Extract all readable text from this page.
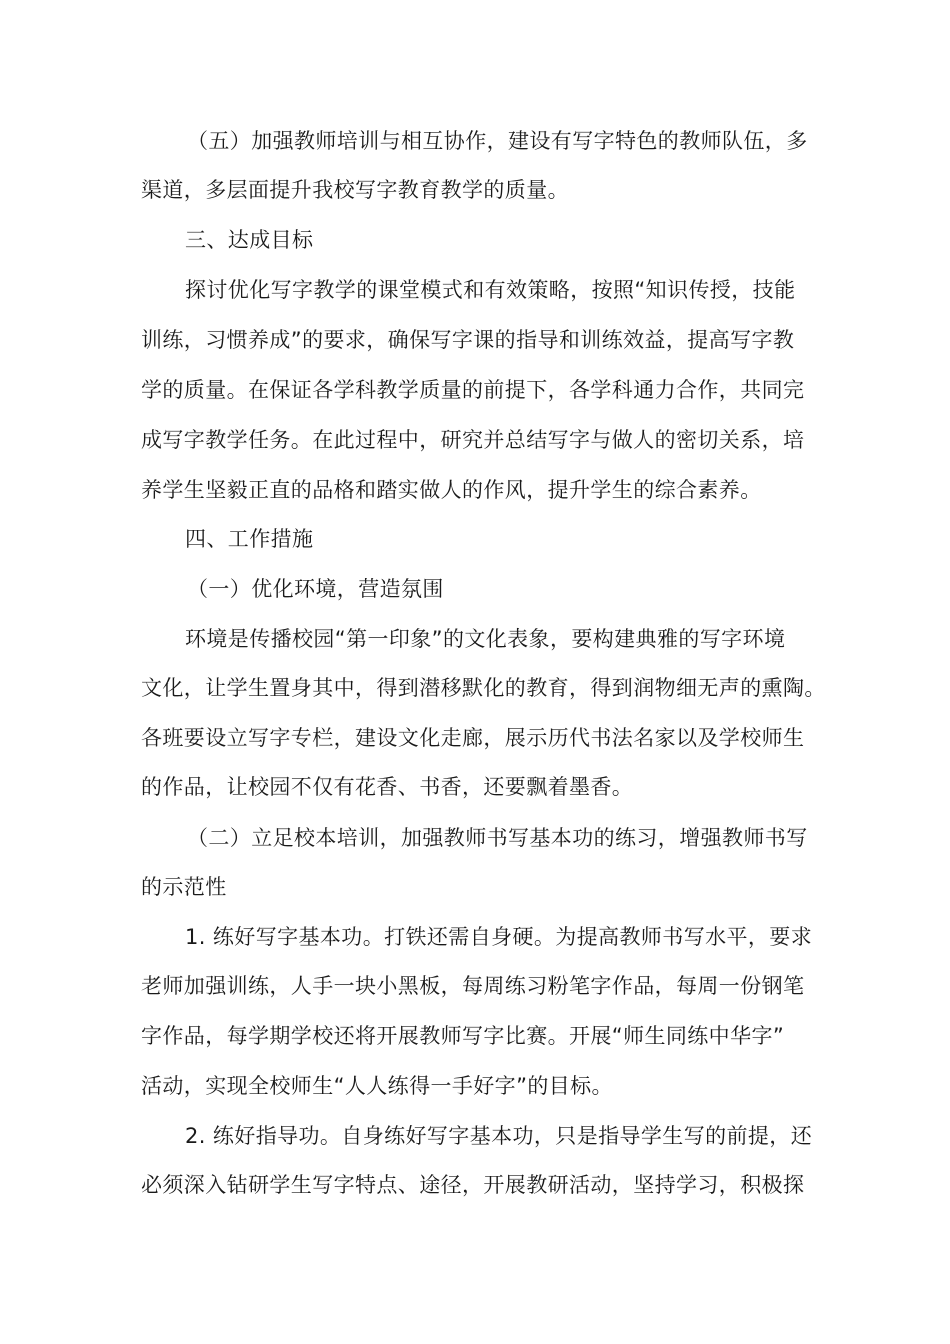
（五）加强教师培训与相互协作，建设有写字特色的教师队伍，多
渠道，多层面提升我校写字教育教学的质量。
三、达成目标
探讨优化写字教学的课堂模式和有效策略，按照“知识传授，技能
训练，习惯养成”的要求，确保写字课的指导和训练效益，提高写字教
学的质量。在保证各学科教学质量的前提下，各学科通力合作，共同完
成写字教学任务。在此过程中，研究并总结写字与做人的密切关系，培
养学生坚毅正直的品格和踏实做人的作风，提升学生的综合素养。
四、工作措施
（一）优化环境，营造氛围
环境是传播校园“第一印象”的文化表象，要构建典雅的写字环境
文化，让学生置身其中，得到潜移默化的教育，得到润物细无声的熏陶。
各班要设立写字专栏，建设文化走廊，展示历代书法名家以及学校师生
的作品，让校园不仅有花香、书香，还要飘着墨香。
（二）立足校本培训，加强教师书写基本功的练习，增强教师书写
的示范性
1. 练好写字基本功。打铁还需自身硬。为提高教师书写水平，要求
老师加强训练，人手一块小黑板，每周练习粉笔字作品，每周一份钢笔
字作品，每学期学校还将开展教师写字比赛。开展“师生同练中华字”
活动，实现全校师生“人人练得一手好字”的目标。
2. 练好指导功。自身练好写字基本功，只是指导学生写的前提，还
必须深入钻研学生写字特点、途径，开展教研活动，坚持学习，积极探
